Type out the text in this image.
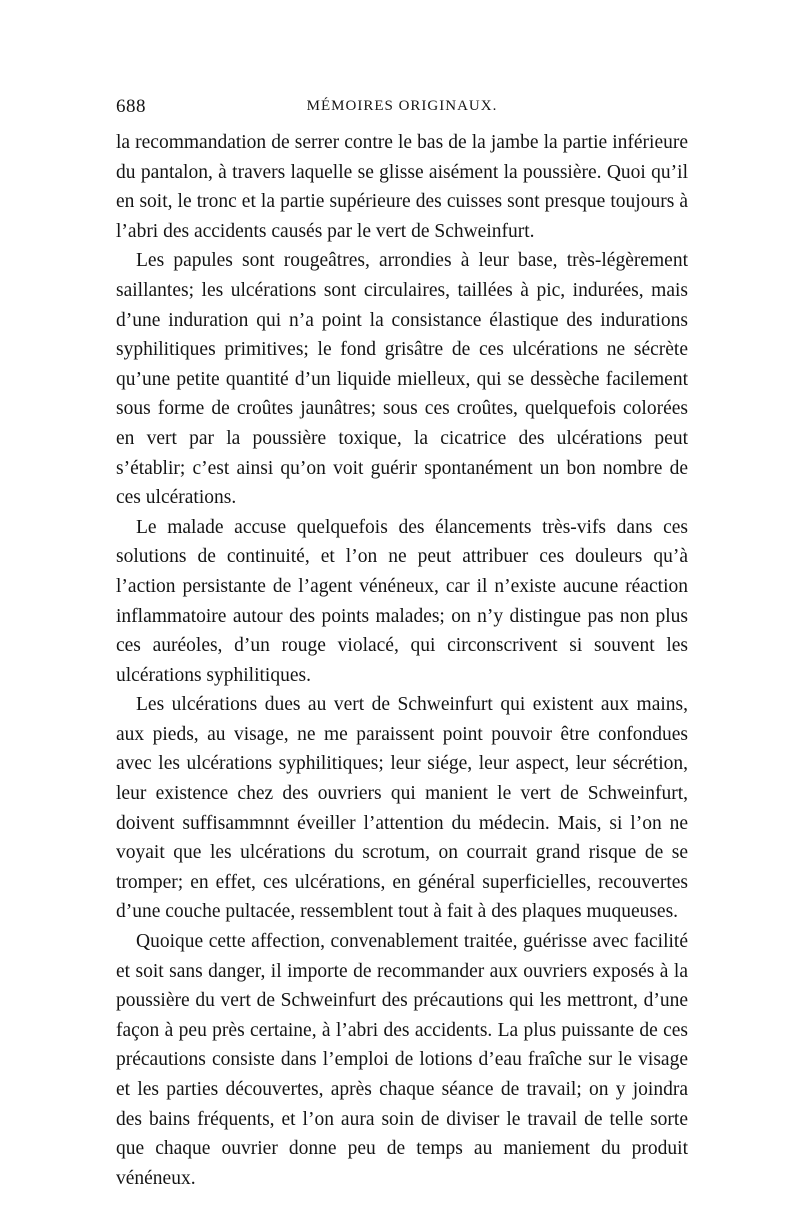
688	MÉMOIRES ORIGINAUX.

la recommandation de serrer contre le bas de la jambe la partie inférieure du pantalon, à travers laquelle se glisse aisément la poussière. Quoi qu’il en soit, le tronc et la partie supérieure des cuisses sont presque toujours à l’abri des accidents causés par le vert de Schweinfurt.

Les papules sont rougeâtres, arrondies à leur base, très-légèrement saillantes; les ulcérations sont circulaires, taillées à pic, indurées, mais d’une induration qui n’a point la consistance élastique des indurations syphilitiques primitives; le fond grisâtre de ces ulcérations ne sécrète qu’une petite quantité d’un liquide mielleux, qui se dessèche facilement sous forme de croûtes jaunâtres; sous ces croûtes, quelquefois colorées en vert par la poussière toxique, la cicatrice des ulcérations peut s’établir; c’est ainsi qu’on voit guérir spontanément un bon nombre de ces ulcérations.

Le malade accuse quelquefois des élancements très-vifs dans ces solutions de continuité, et l’on ne peut attribuer ces douleurs qu’à l’action persistante de l’agent vénéneux, car il n’existe aucune réaction inflammatoire autour des points malades; on n’y distingue pas non plus ces auréoles, d’un rouge violacé, qui circonscrivent si souvent les ulcérations syphilitiques.

Les ulcérations dues au vert de Schweinfurt qui existent aux mains, aux pieds, au visage, ne me paraissent point pouvoir être confondues avec les ulcérations syphilitiques; leur siége, leur aspect, leur sécrétion, leur existence chez des ouvriers qui manient le vert de Schweinfurt, doivent suffisammnnt éveiller l’attention du médecin. Mais, si l’on ne voyait que les ulcérations du scrotum, on courrait grand risque de se tromper; en effet, ces ulcérations, en général superficielles, recouvertes d’une couche pultacée, ressemblent tout à fait à des plaques muqueuses.

Quoique cette affection, convenablement traitée, guérisse avec facilité et soit sans danger, il importe de recommander aux ouvriers exposés à la poussière du vert de Schweinfurt des précautions qui les mettront, d’une façon à peu près certaine, à l’abri des accidents. La plus puissante de ces précautions consiste dans l’emploi de lotions d’eau fraîche sur le visage et les parties découvertes, après chaque séance de travail; on y joindra des bains fréquents, et l’on aura soin de diviser le travail de telle sorte que chaque ouvrier donne peu de temps au maniement du produit vénéneux.
